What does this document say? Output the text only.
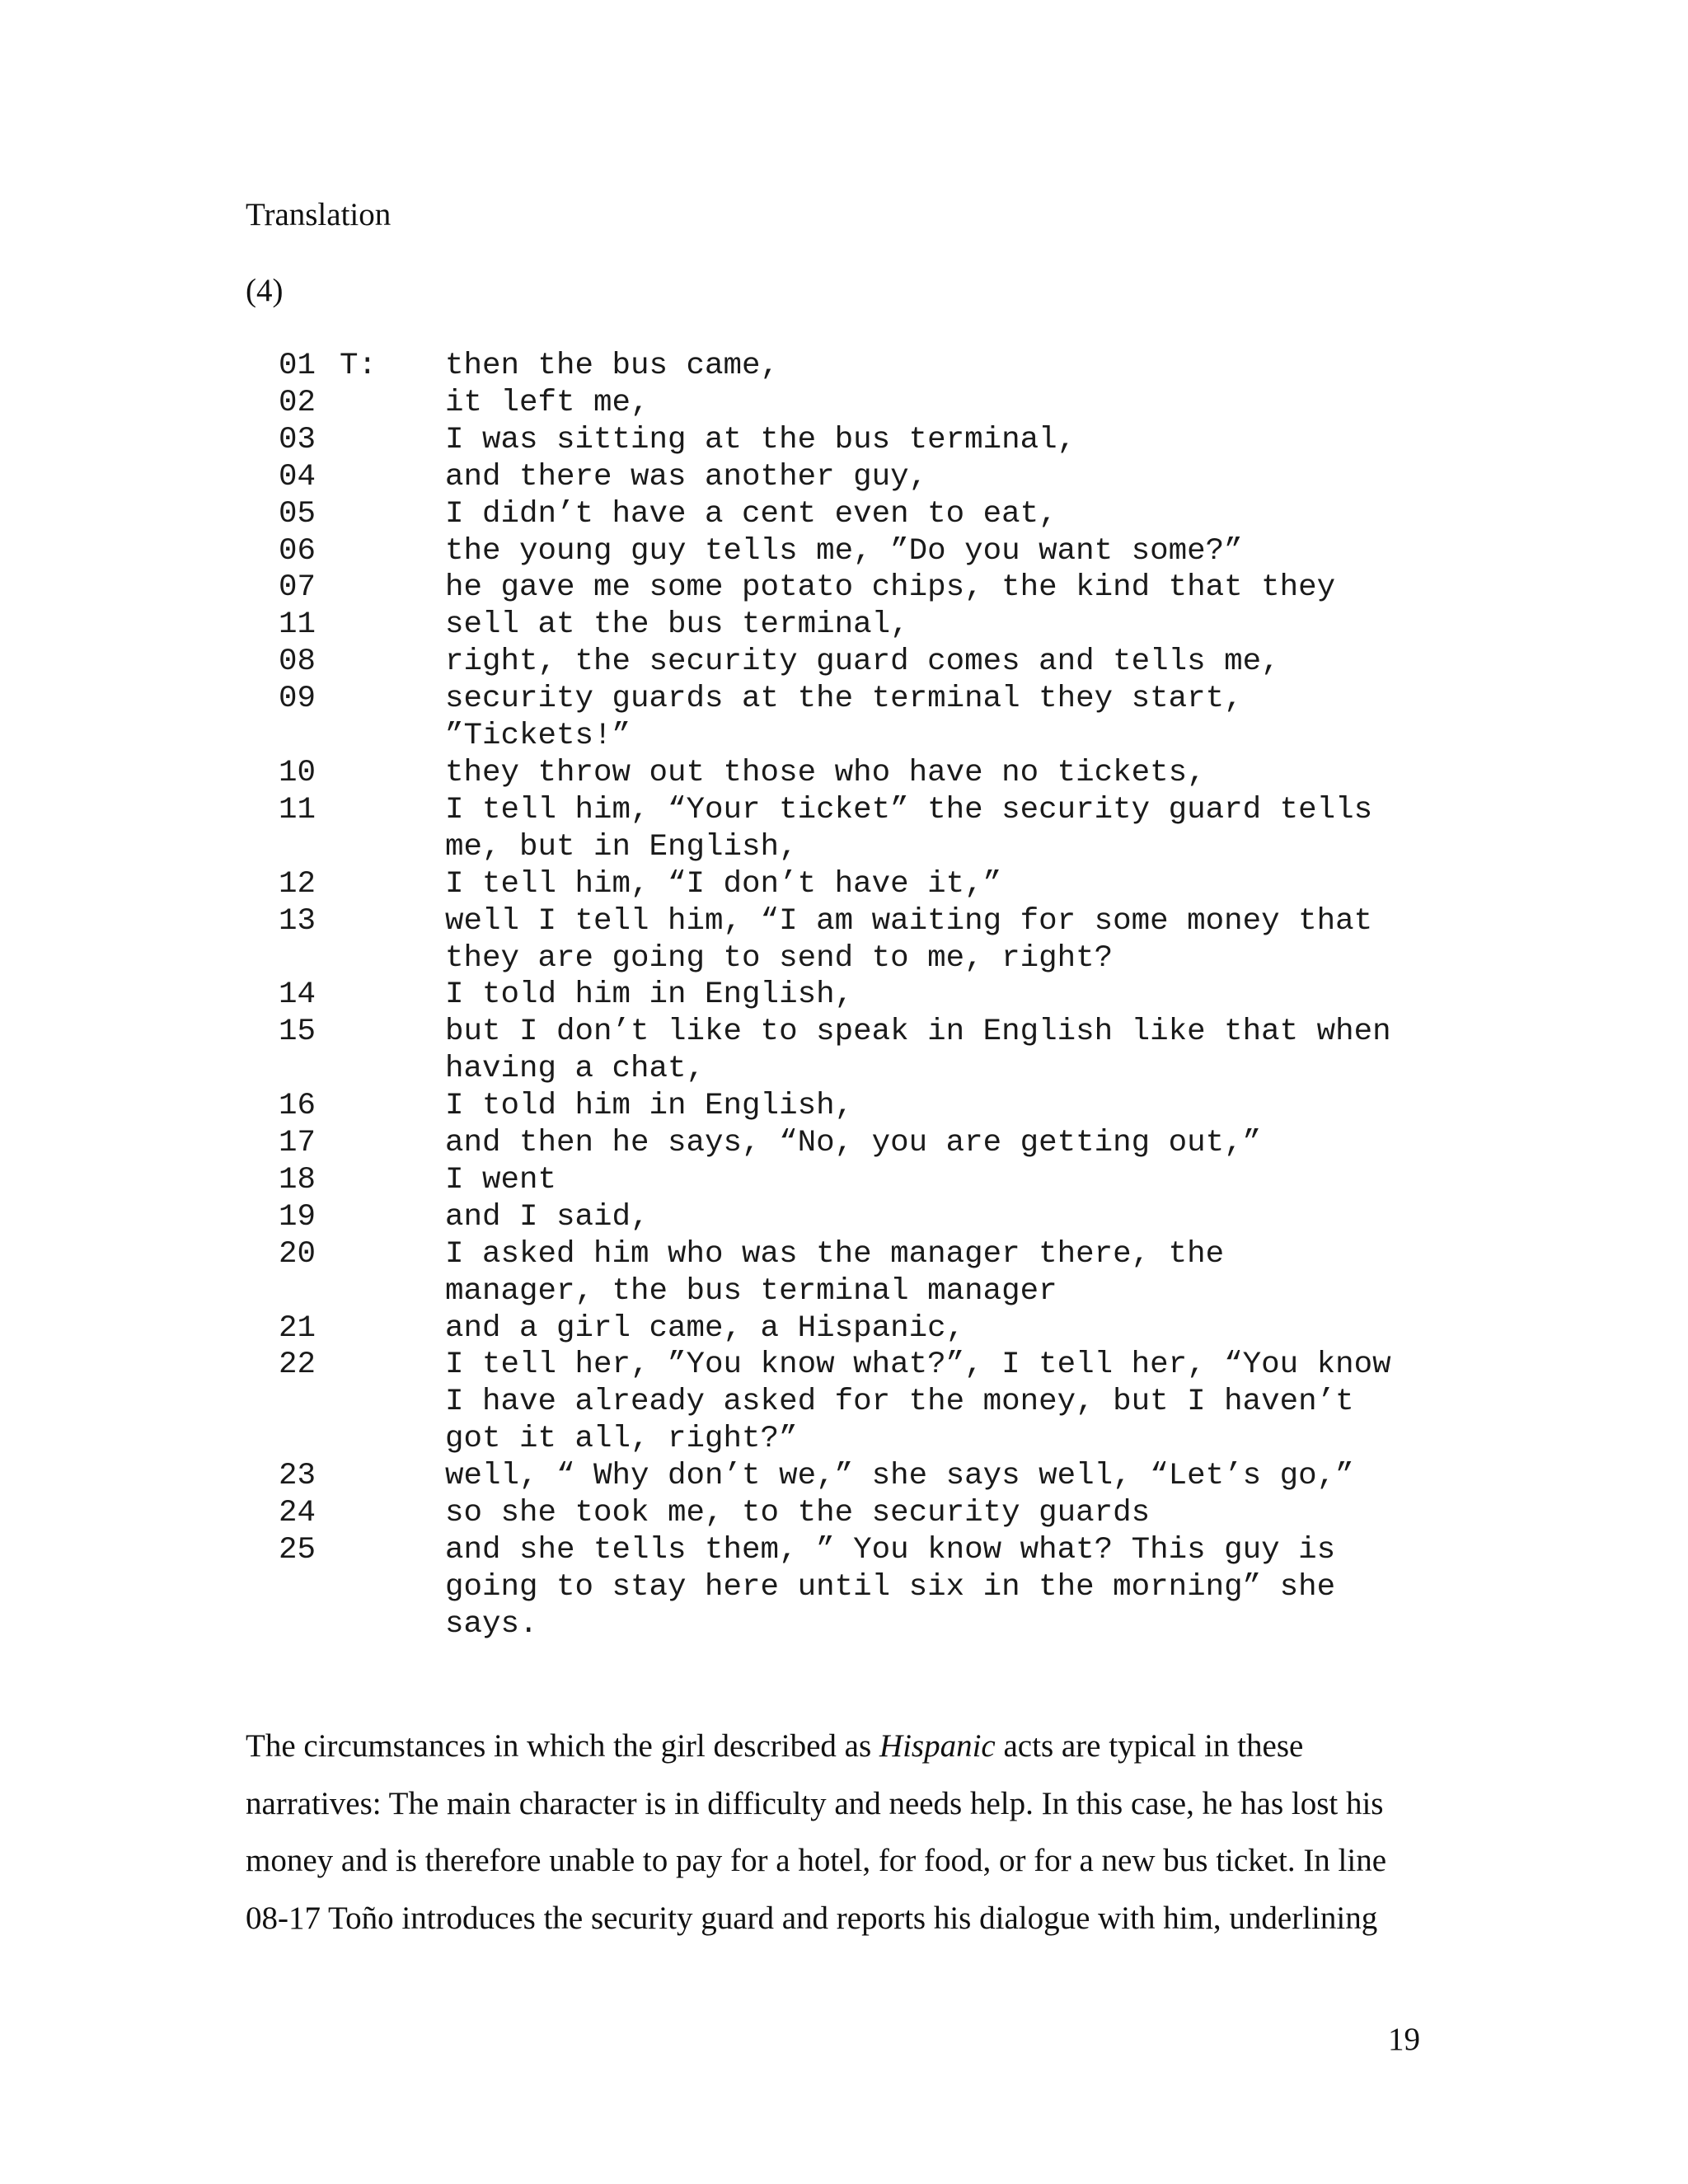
Translation
(4)
01 T:	then the bus came,
02	it left me,
03	I was sitting at the bus terminal,
04	and there was another guy,
05	I didn’t have a cent even to eat,
06	the young guy tells me, ”Do you want some?”
07	he gave me some potato chips, the kind that they
11	sell at the bus terminal,
08	right, the security guard comes and tells me,
09	security guards at the terminal they start,
”Tickets!”
10	they throw out those who have no tickets,
11	I tell him, “Your ticket” the security guard tells
me, but in English,
12	I tell him, “I don’t have it,”
13	well I tell him, “I am waiting for some money that
they are going to send to me, right?
14	I told him in English,
15	but I don’t like to speak in English like that when
having a chat,
16	I told him in English,
17	and then he says, “No, you are getting out,”
18	I went
19	and I said,
20	I asked him who was the manager there, the
manager, the bus terminal manager
21	and a girl came, a Hispanic,
22	I tell her, ”You know what?”, I tell her, “You know
I have already asked for the money, but I haven’t
got it all, right?”
23	well, “ Why don’t we,” she says well, “Let’s go,”
24	so she took me, to the security guards
25	and she tells them, ” You know what? This guy is
going to stay here until six in the morning” she
says.

The circumstances in which the girl described as Hispanic acts are typical in these
narratives: The main character is in difficulty and needs help. In this case, he has lost his
money and is therefore unable to pay for a hotel, for food, or for a new bus ticket. In line
08-17 Toño introduces the security guard and reports his dialogue with him, underlining

19
